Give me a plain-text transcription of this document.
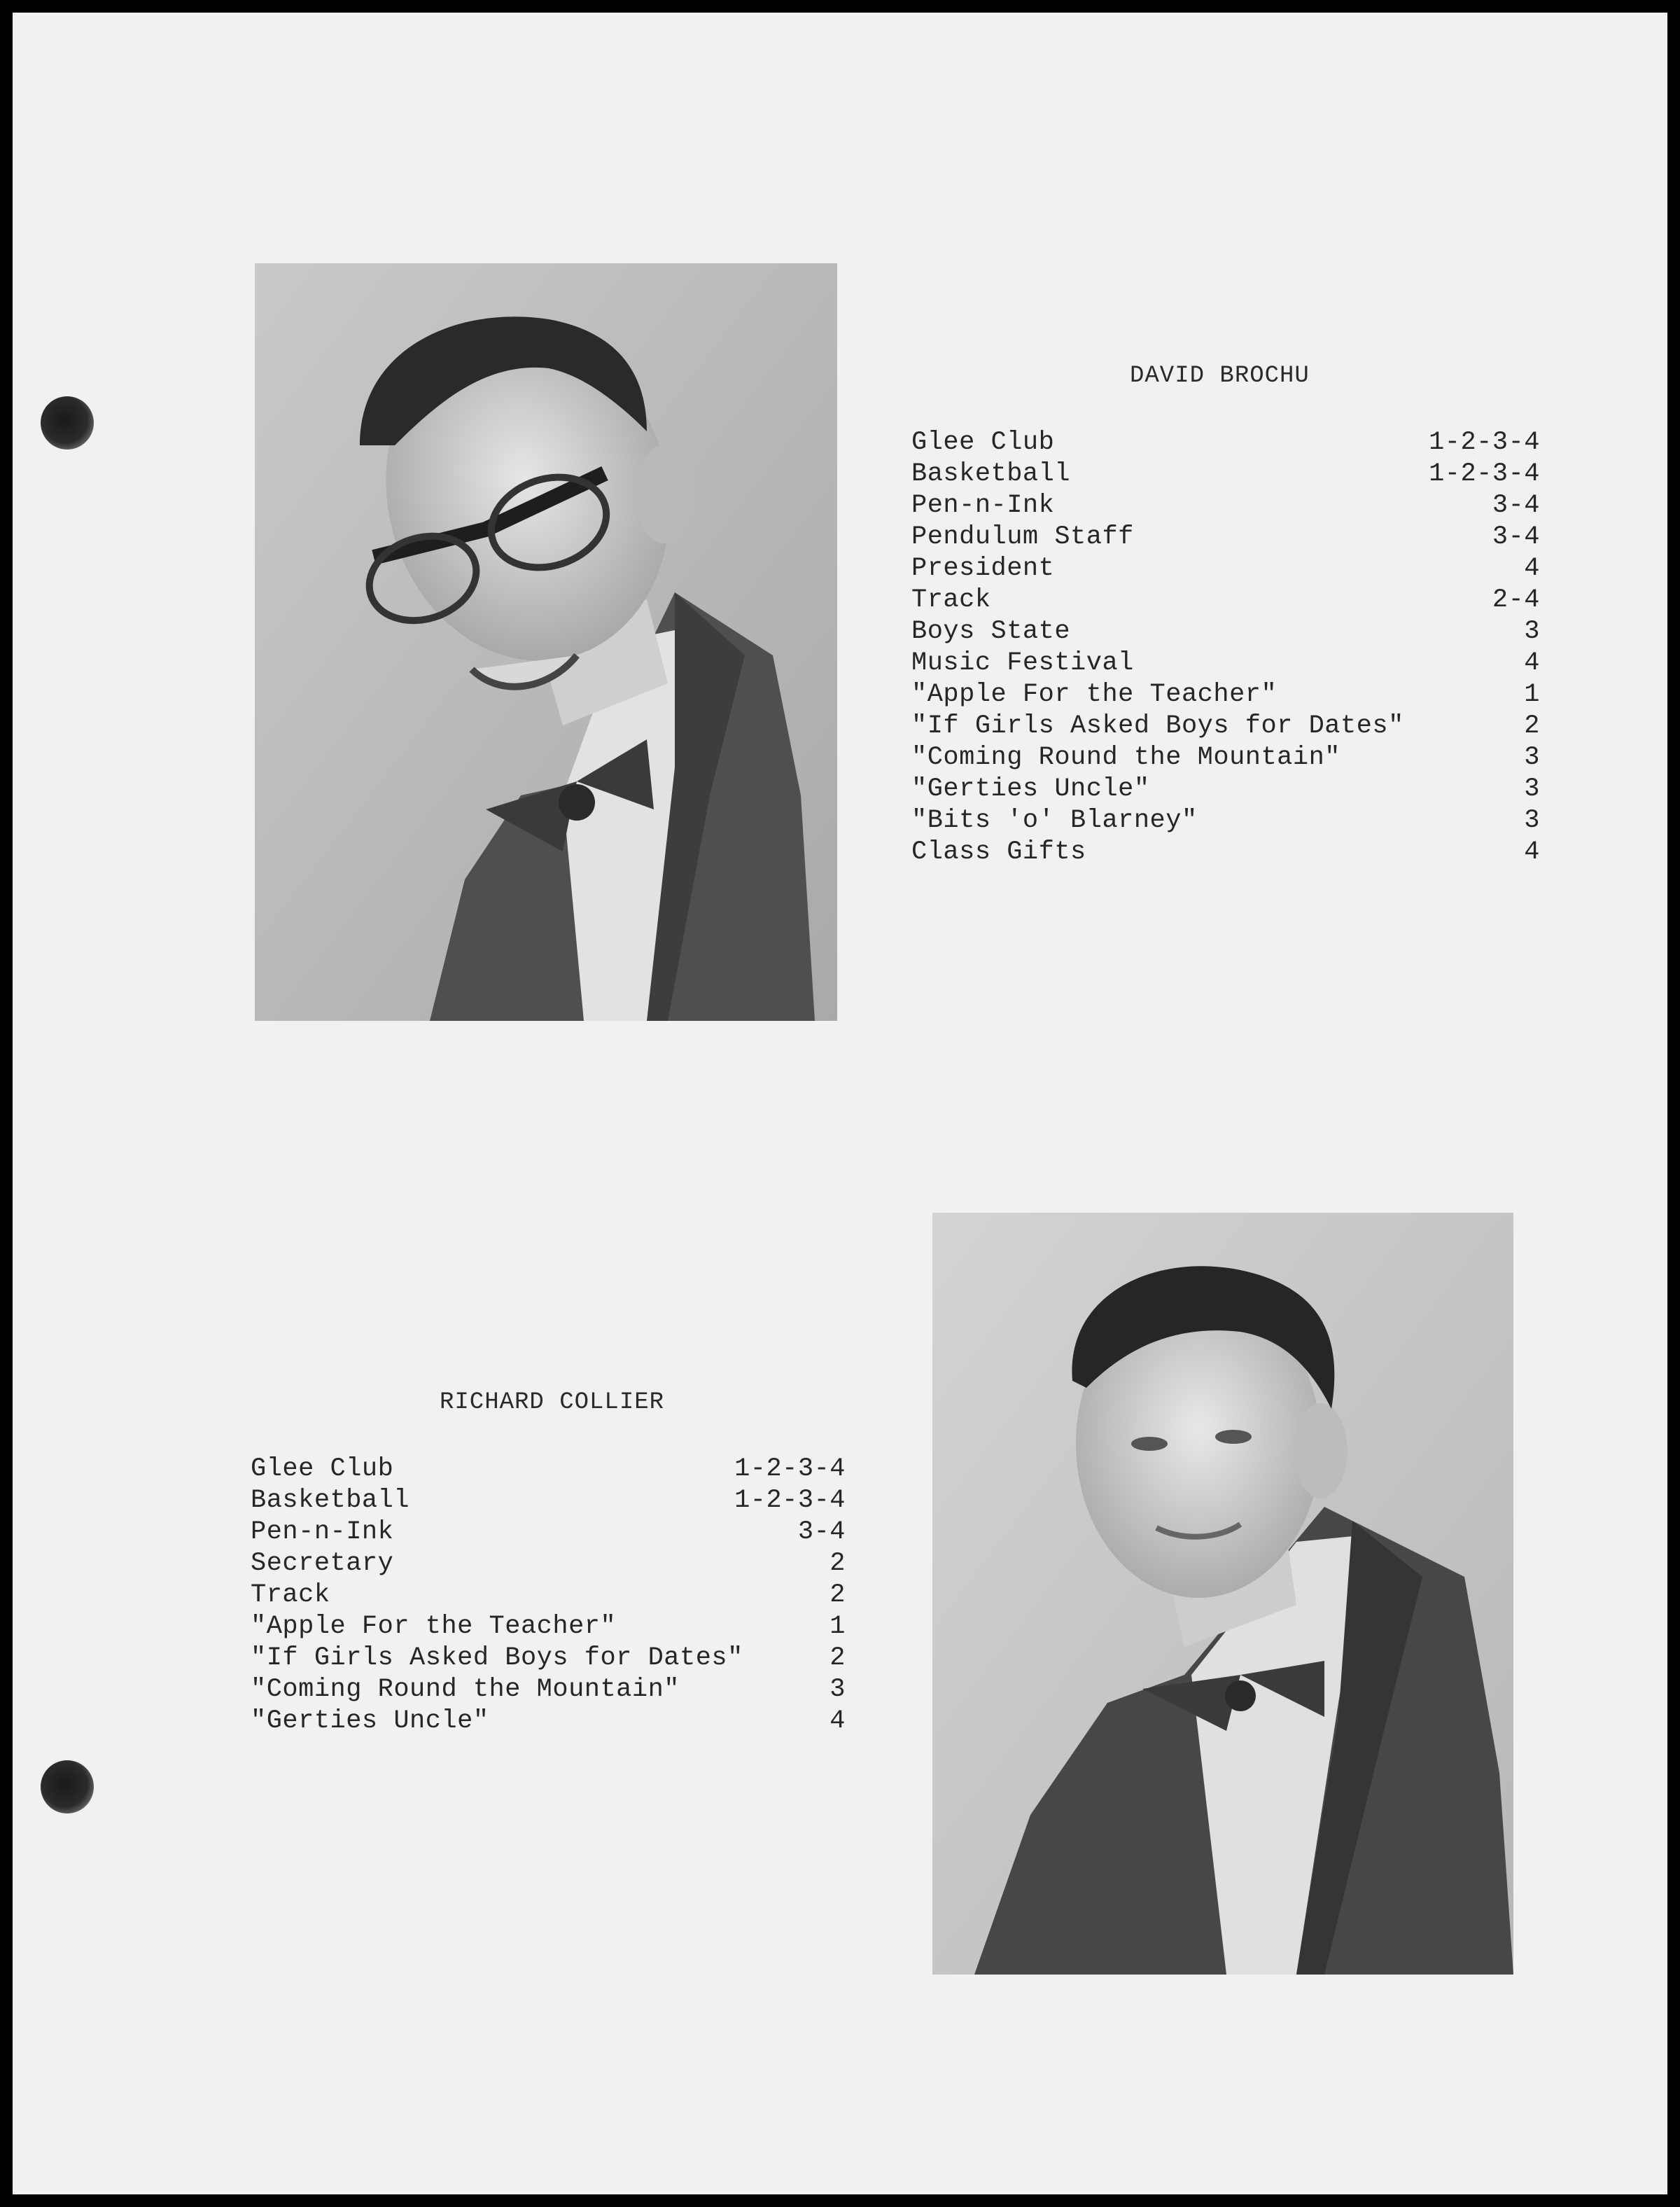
DAVID BROCHU
Glee Club	1-2-3-4
Basketball	1-2-3-4
Pen-n-Ink	3-4
Pendulum Staff	3-4
President	4
Track	2-4
Boys State	3
Music Festival	4
"Apple For the Teacher"	1
"If Girls Asked Boys for Dates"	2
"Coming Round the Mountain"	3
"Gerties Uncle"	3
"Bits 'o' Blarney"	3
Class Gifts	4
RICHARD COLLIER
Glee Club	1-2-3-4
Basketball	1-2-3-4
Pen-n-Ink	3-4
Secretary	2
Track	2
"Apple For the Teacher"	1
"If Girls Asked Boys for Dates"	2
"Coming Round the Mountain"	3
"Gerties Uncle"	4
